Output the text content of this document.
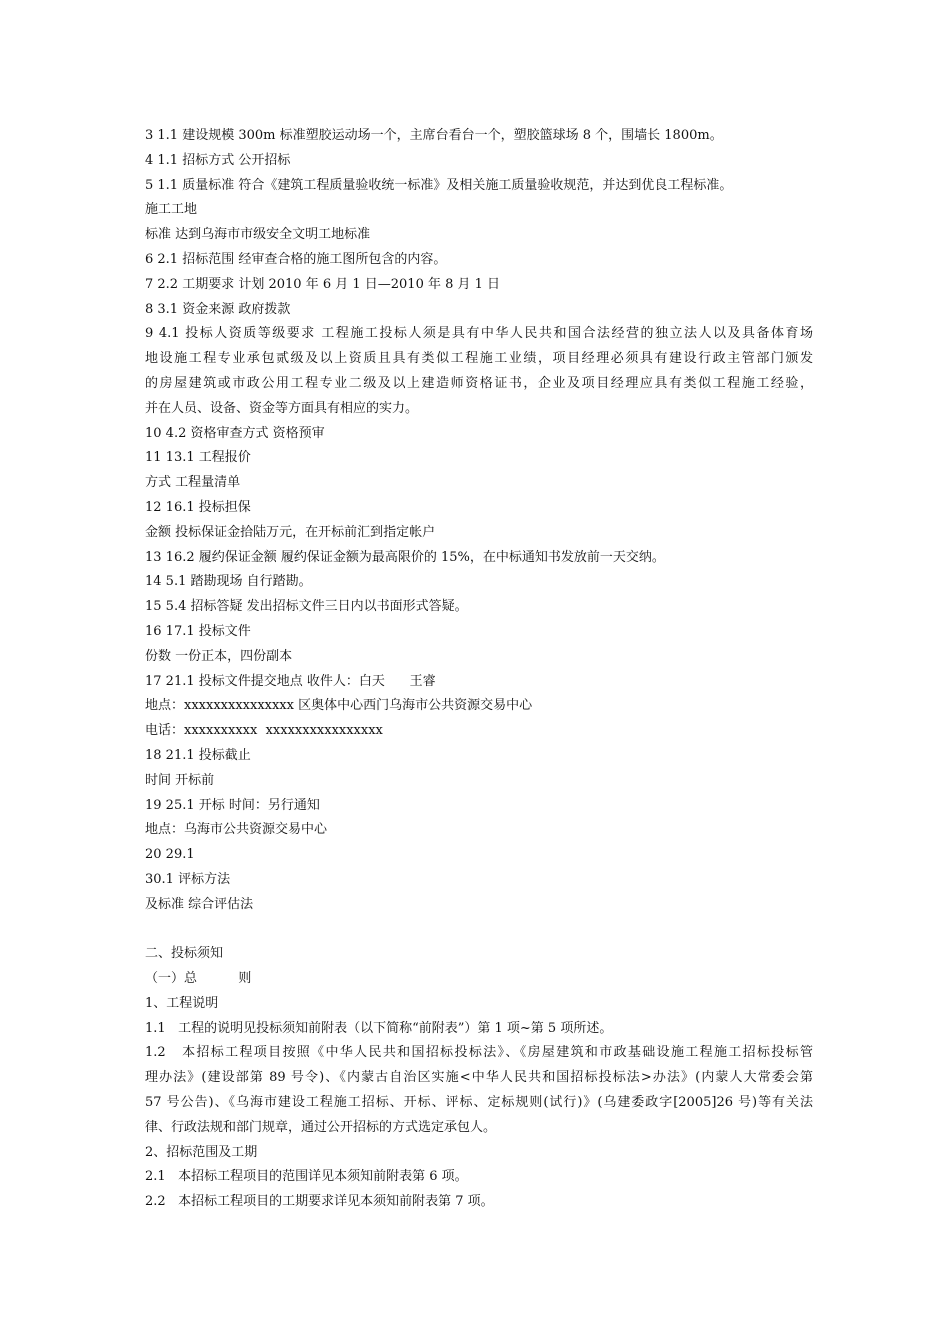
3 1.1 建设规模 300m 标准塑胶运动场一个，主席台看台一个，塑胶篮球场 8 个，围墙长 1800m。
4 1.1 招标方式 公开招标
5 1.1 质量标准 符合《建筑工程质量验收统一标准》及相关施工质量验收规范，并达到优良工程标准。
施工工地
标准 达到乌海市市级安全文明工地标准
6 2.1 招标范围 经审查合格的施工图所包含的内容。
7 2.2 工期要求 计划 2010 年 6 月 1 日—2010 年 8 月 1 日
8 3.1 资金来源 政府拨款
9 4.1 投标人资质等级要求 工程施工投标人须是具有中华人民共和国合法经营的独立法人以及具备体育场
地设施工程专业承包贰级及以上资质且具有类似工程施工业绩，项目经理必须具有建设行政主管部门颁发
的房屋建筑或市政公用工程专业二级及以上建造师资格证书，企业及项目经理应具有类似工程施工经验，
并在人员、设备、资金等方面具有相应的实力。
10 4.2 资格审查方式 资格预审
11 13.1 工程报价
方式 工程量清单
12 16.1 投标担保
金额 投标保证金拾陆万元，在开标前汇到指定帐户
13 16.2 履约保证金额 履约保证金额为最高限价的 15%，在中标通知书发放前一天交纳。
14 5.1 踏勘现场 自行踏勘。
15 5.4 招标答疑 发出招标文件三日内以书面形式答疑。
16 17.1 投标文件
份数 一份正本，四份副本
17 21.1 投标文件提交地点 收件人：白天      王睿
地点：xxxxxxxxxxxxxxx 区奥体中心西门乌海市公共资源交易中心
电话：xxxxxxxxxx  xxxxxxxxxxxxxxxx
18 21.1 投标截止
时间 开标前
19 25.1 开标 时间：另行通知
地点：乌海市公共资源交易中心
20 29.1
30.1 评标方法
及标准 综合评估法
二、投标须知
（一）总          则
1、工程说明
1.1   工程的说明见投标须知前附表（以下简称“前附表”）第 1 项~第 5 项所述。
1.2   本招标工程项目按照《中华人民共和国招标投标法》、《房屋建筑和市政基础设施工程施工招标投标管
理办法》(建设部第 89 号令)、《内蒙古自治区实施<中华人民共和国招标投标法>办法》(内蒙人大常委会第
57 号公告)、《乌海市建设工程施工招标、开标、评标、定标规则(试行)》(乌建委政字[2005]26 号)等有关法
律、行政法规和部门规章，通过公开招标的方式选定承包人。
2、招标范围及工期
2.1   本招标工程项目的范围详见本须知前附表第 6 项。
2.2   本招标工程项目的工期要求详见本须知前附表第 7 项。
